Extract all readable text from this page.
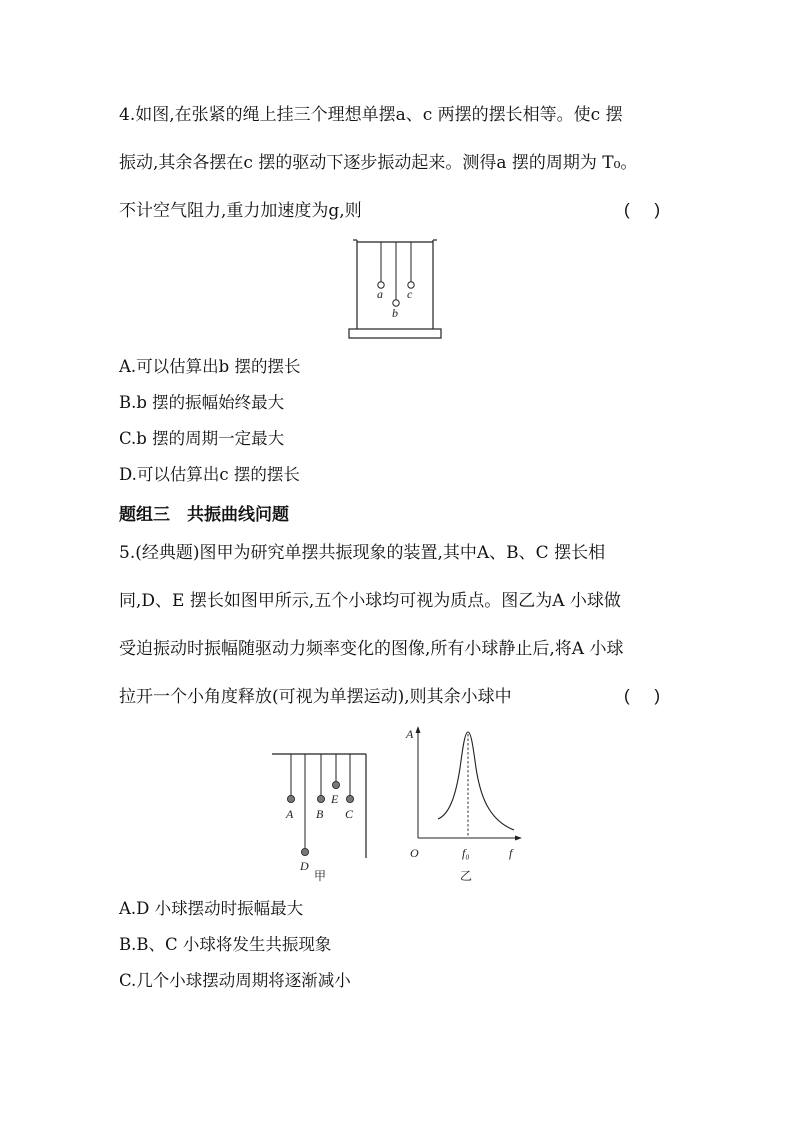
4.如图,在张紧的绳上挂三个理想单摆a、c 两摆的摆长相等。使c 摆
振动,其余各摆在c 摆的驱动下逐步振动起来。测得a 摆的周期为 T₀。
不计空气阻力,重力加速度为g,则	( )
a
b
c
A.可以估算出b 摆的摆长
B.b 摆的振幅始终最大
C.b 摆的周期一定最大
D.可以估算出c 摆的摆长
题组三　共振曲线问题
5.(经典题)图甲为研究单摆共振现象的装置,其中A、B、C 摆长相
同,D、E 摆长如图甲所示,五个小球均可视为质点。图乙为A 小球做
受迫振动时振幅随驱动力频率变化的图像,所有小球静止后,将A 小球
拉开一个小角度释放(可视为单摆运动),则其余小球中	( )
A
D
B
E
C
甲
A
f
O	f₀
乙
A.D 小球摆动时振幅最大
B.B、C 小球将发生共振现象
C.几个小球摆动周期将逐渐减小
